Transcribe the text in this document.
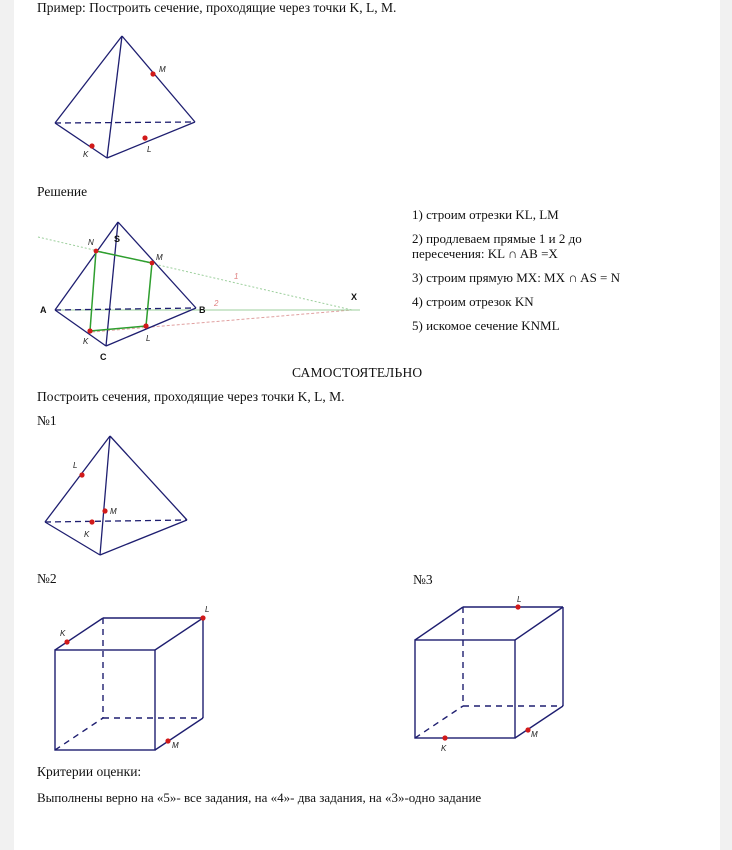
Пример: Построить сечение, проходящие через точки K, L, M.
M
K
L
Решение
N S
M
A	B
2
C
K	L
X
1
1) строим отрезки KL, LM
2) продлеваем прямые 1 и 2 до
пересечения: KL ∩ AB =X
3) строим прямую MX: MX ∩ AS = N
4) строим отрезок KN
5) искомое сечение KNML
САМОСТОЯТЕЛЬНО
Построить сечения, проходящие через точки K, L, M.
№1
L
M
K
№2	№3
K
L
M
L
K
M
Критерии оценки:
Выполнены верно на «5»- все задания, на «4»- два задания, на «3»-одно задание
